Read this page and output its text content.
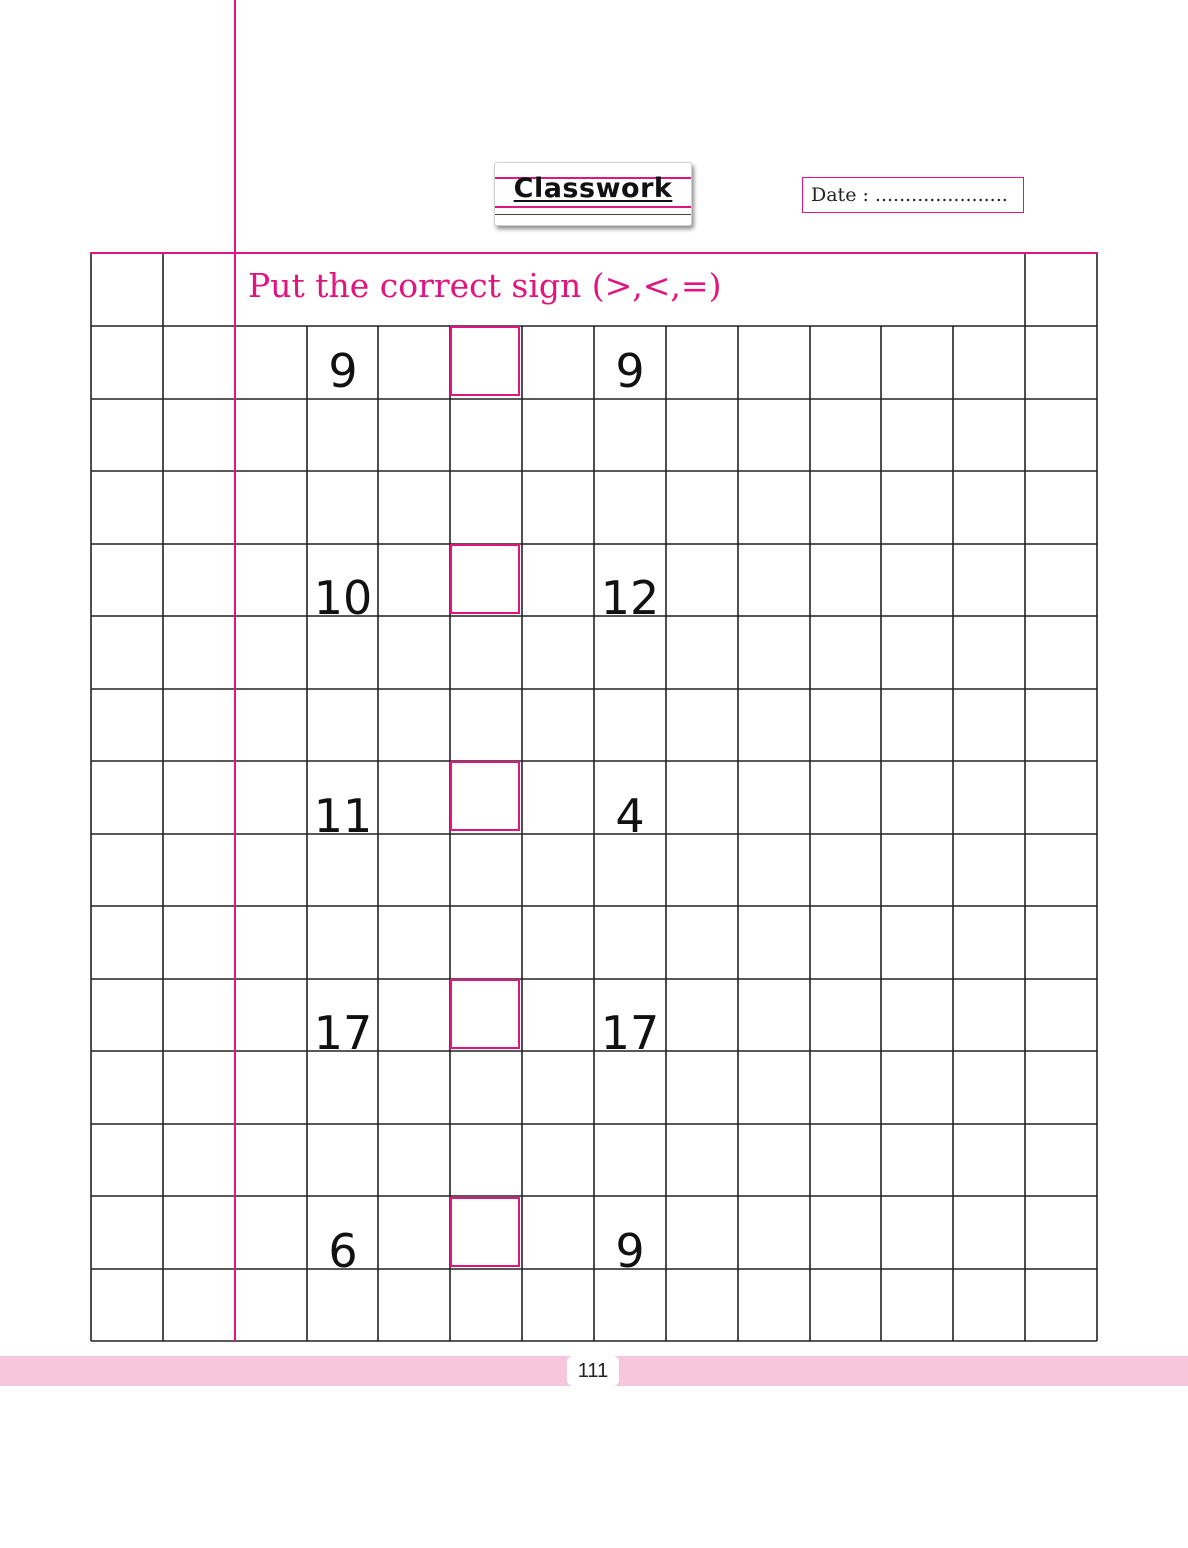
Classwork	Date : ......................
Put the correct sign (>,<,=)
9	9
10	12
11	4
17	17
6	9
111
